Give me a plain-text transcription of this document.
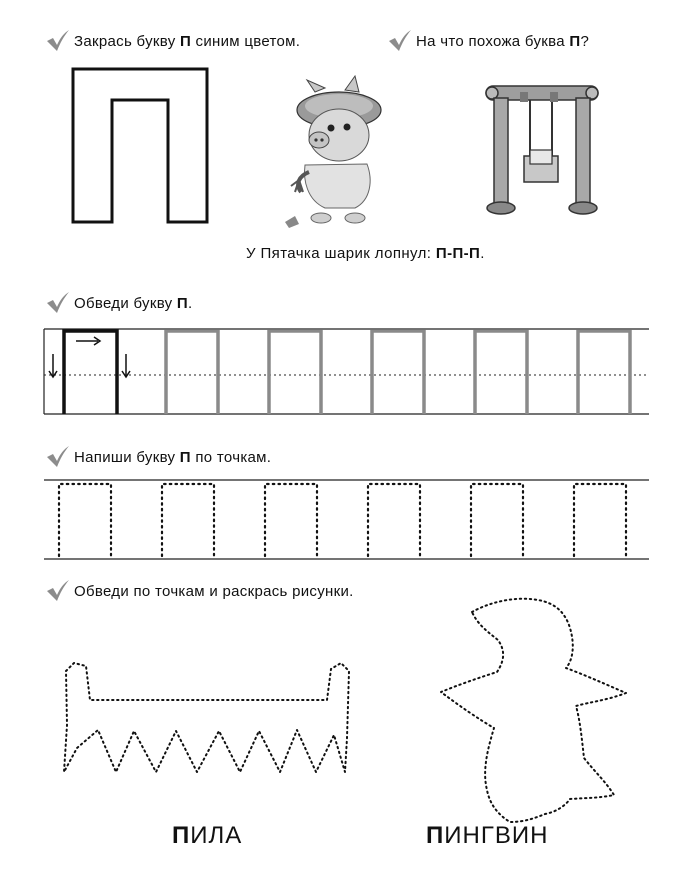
Закрась букву П синим цветом.	На что похожа буква П?
У Пятачка шарик лопнул: П-П-П.
Обведи букву П.
Напиши букву П по точкам.
Обведи по точкам и раскрась рисунки.
ПИЛА	ПИНГВИН
